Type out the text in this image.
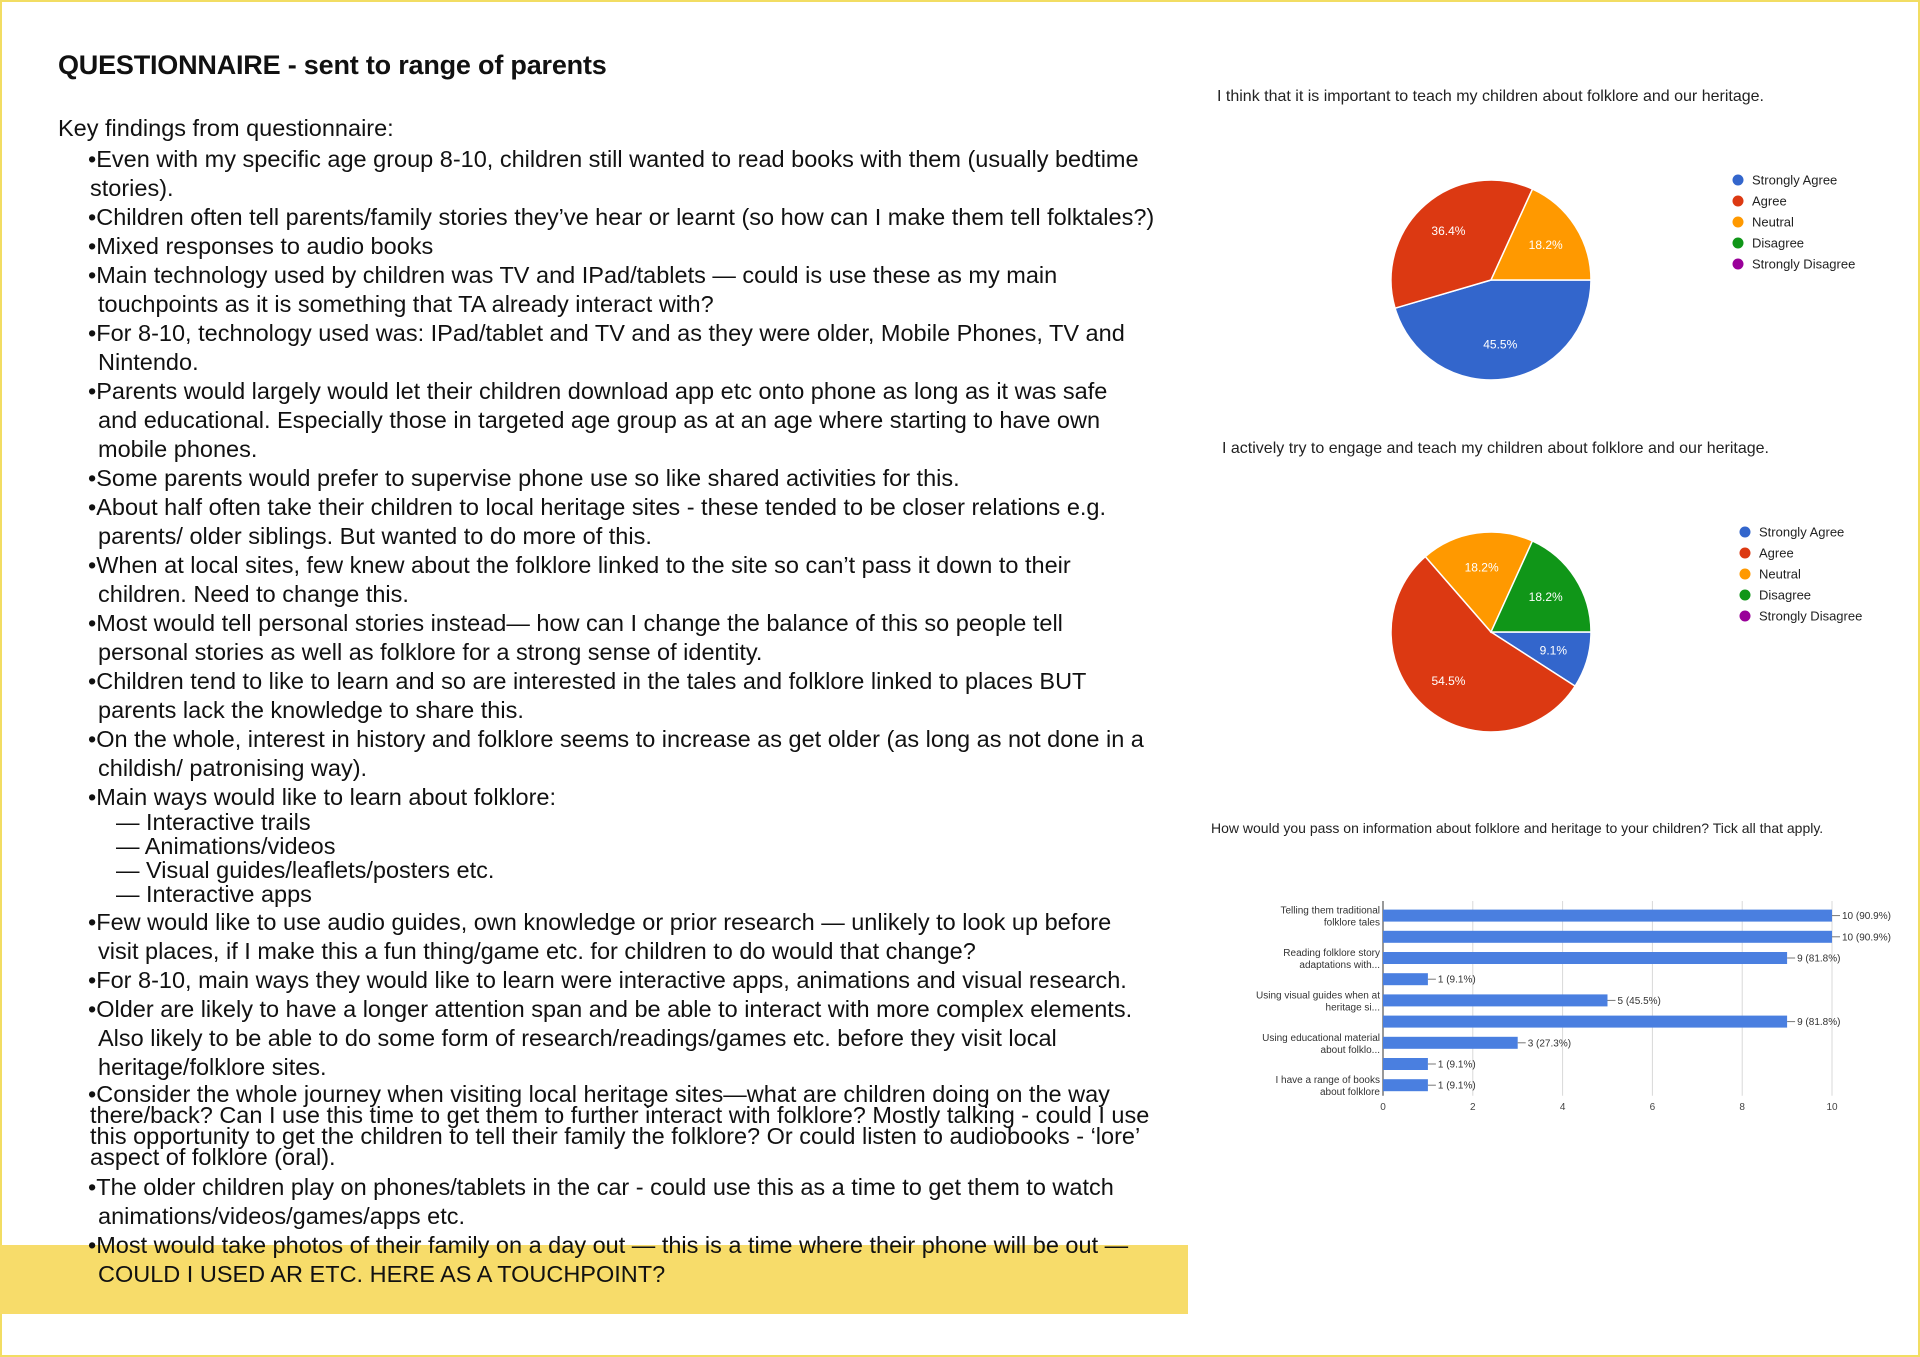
QUESTIONNAIRE - sent to range of parents
Key findings from questionnaire:
•Even with my specific age group 8-10, children still wanted to read books with them (usually bedtime
stories).
•Children often tell parents/family stories they’ve hear or learnt (so how can I make them tell folktales?)
•Mixed responses to audio books
•Main technology used by children was TV and IPad/tablets — could is use these as my main
touchpoints as it is something that TA already interact with?
•For 8-10, technology used was: IPad/tablet and TV and as they were older, Mobile Phones, TV and
Nintendo.
•Parents would largely would let their children download app etc onto phone as long as it was safe
and educational. Especially those in targeted age group as at an age where starting to have own
mobile phones.
•Some parents would prefer to supervise phone use so like shared activities for this.
•About half often take their children to local heritage sites - these tended to be closer relations e.g.
parents/ older siblings. But wanted to do more of this.
•When at local sites, few knew about the folklore linked to the site so can’t pass it down to their
children. Need to change this.
•Most would tell personal stories instead— how can I change the balance of this so people tell
personal stories as well as folklore for a strong sense of identity.
•Children tend to like to learn and so are interested in the tales and folklore linked to places BUT
parents lack the knowledge to share this.
•On the whole, interest in history and folklore seems to increase as get older (as long as not done in a
childish/ patronising way).
•Main ways would like to learn about folklore:
— Interactive trails
— Animations/videos
— Visual guides/leaflets/posters etc.
— Interactive apps
•Few would like to use audio guides, own knowledge or prior research — unlikely to look up before
visit places, if I make this a fun thing/game etc. for children to do would that change?
•For 8-10, main ways they would like to learn were interactive apps, animations and visual research.
•Older are likely to have a longer attention span and be able to interact with more complex elements.
Also likely to be able to do some form of research/readings/games etc. before they visit local
heritage/folklore sites.
•Consider the whole journey when visiting local heritage sites—what are children doing on the way
there/back? Can I use this time to get them to further interact with folklore? Mostly talking - could I use
this opportunity to get the children to tell their family the folklore? Or could listen to audiobooks - ‘lore’
aspect of folklore (oral).
•The older children play on phones/tablets in the car - could use this as a time to get them to watch
animations/videos/games/apps etc.
•Most would take photos of their family on a day out — this is a time where their phone will be out —
COULD I USED AR ETC. HERE AS A TOUCHPOINT?
I think that it is important to teach my children about folklore and our heritage.
45.5%
Strongly Agree
36.4%
Agree
18.2%
Neutral
Disagree
Strongly Disagree
I actively try to engage and teach my children about folklore and our heritage.
9.1%
Strongly Agree
54.5%
Agree
18.2%	Neutral
18.2%	Disagree
Strongly Disagree
How would you pass on information about folklore and heritage to your children? Tick all that apply.
0	2	4	6	8	10
10 (90.9%)
Telling them traditional folklore tales
10 (90.9%)
9 (81.8%)
Reading folklore story adaptations with...
1 (9.1%)
5 (45.5%)
Using visual guides when at heritage si...
9 (81.8%)
3 (27.3%)
Using educational material about folklo...
1 (9.1%)
1 (9.1%)
I have a range of books about folklore
